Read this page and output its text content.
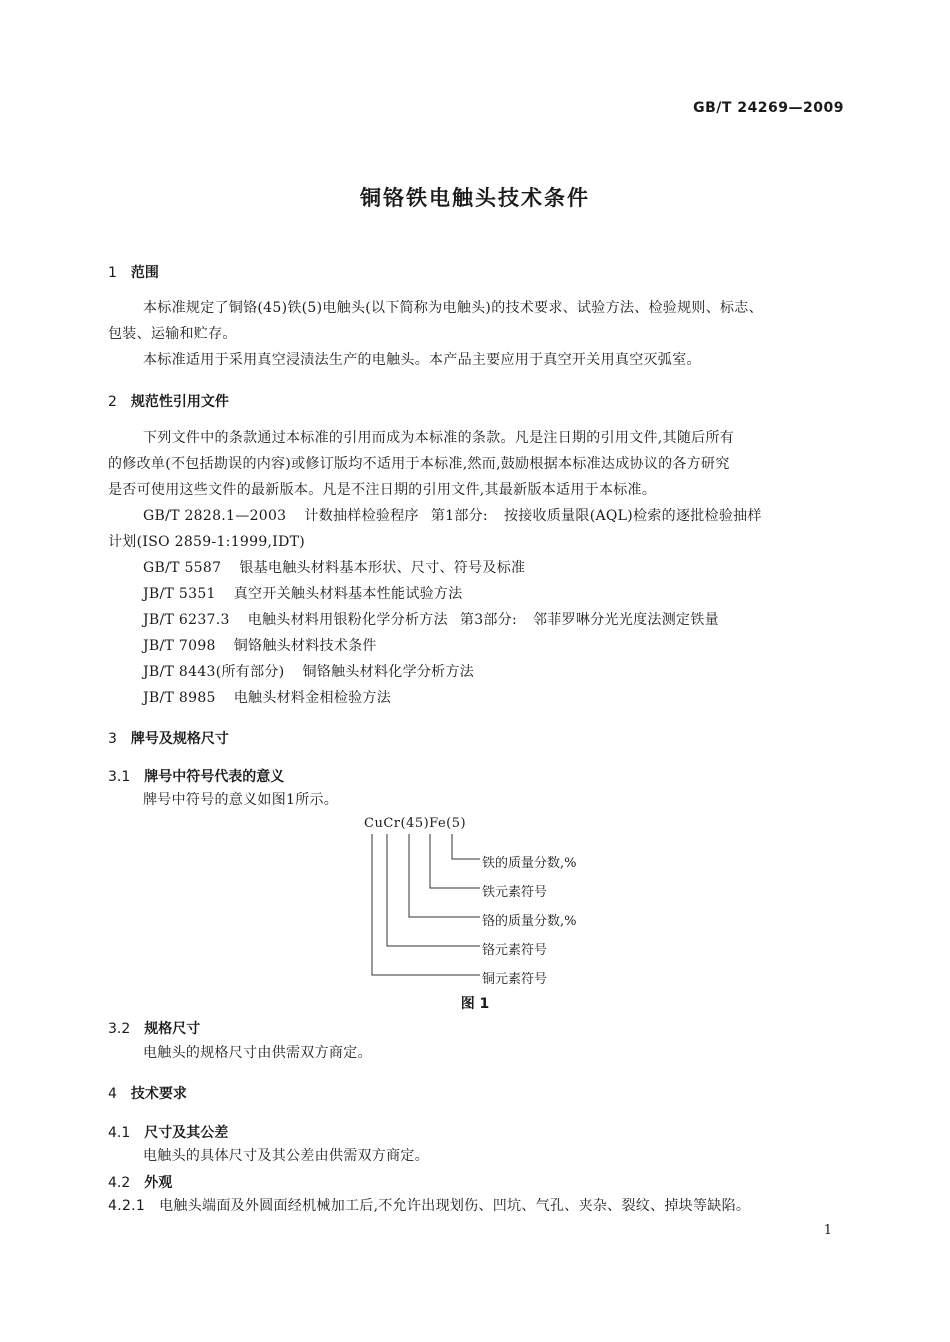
GB/T 24269—2009
铜铬铁电触头技术条件
1 范围
本标准规定了铜铬(45)铁(5)电触头(以下简称为电触头)的技术要求、试验方法、检验规则、标志、
包装、运输和贮存。
本标准适用于采用真空浸渍法生产的电触头。本产品主要应用于真空开关用真空灭弧室。
2 规范性引用文件
下列文件中的条款通过本标准的引用而成为本标准的条款。凡是注日期的引用文件,其随后所有
的修改单(不包括勘误的内容)或修订版均不适用于本标准,然而,鼓励根据本标准达成协议的各方研究
是否可使用这些文件的最新版本。凡是不注日期的引用文件,其最新版本适用于本标准。
GB/T 2828.1—2003 计数抽样检验程序 第1部分: 按接收质量限(AQL)检索的逐批检验抽样
计划(ISO 2859-1:1999,IDT)
GB/T 5587 银基电触头材料基本形状、尺寸、符号及标准
JB/T 5351 真空开关触头材料基本性能试验方法
JB/T 6237.3 电触头材料用银粉化学分析方法 第3部分: 邻菲罗啉分光光度法测定铁量
JB/T 7098 铜铬触头材料技术条件
JB/T 8443(所有部分) 铜铬触头材料化学分析方法
JB/T 8985 电触头材料金相检验方法
3 牌号及规格尺寸
3.1 牌号中符号代表的意义
牌号中符号的意义如图1所示。
CuCr(45)Fe(5)
铁的质量分数,%
铁元素符号
铬的质量分数,%
铬元素符号
铜元素符号
图 1
3.2 规格尺寸
电触头的规格尺寸由供需双方商定。
4 技术要求
4.1 尺寸及其公差
电触头的具体尺寸及其公差由供需双方商定。
4.2 外观
4.2.1 电触头端面及外圆面经机械加工后,不允许出现划伤、凹坑、气孔、夹杂、裂纹、掉块等缺陷。
1
